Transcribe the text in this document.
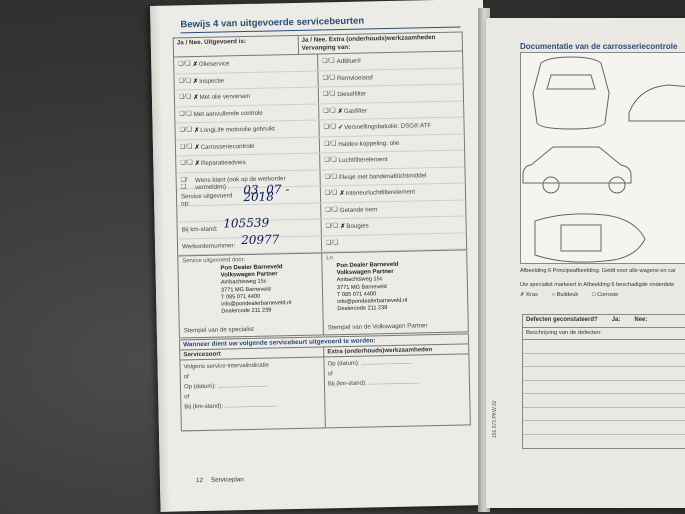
Bewijs 4 van uitgevoerde servicebeurten
Ja / Nee. Uitgevoerd is:	Ja / Nee. Extra (onderhouds)werkzaamheden Vervanging van:
❑/❑ ✗ Olieservice	❑/❑ AdBlue®
❑/❑ ✗ Inspectie	❑/❑ Remvloeistof
❑/❑ ✗ Met olie verversen	❑/❑ Dieselfilter
❑/❑ Met aanvullende controle	❑/❑ ✗ Gasfilter
❑/❑ ✗ LongLife motorolie gebruikt	❑/❑ ✓ Versnellingsbakolie: DSG® ATF
❑/❑ ✗ Carrosseriecontrole	❑/❑ Haldex-koppeling: olie
❑/❑ ✗ Reparatieadvies	❑/❑ Luchtfilterelement
❑/❑
Wens klant (ook op de werkorder vermelden)
❑/❑ Flesje met bandenafdichtmiddel
Service uitgevoerd op:
03. 07 - 2018	❑/❑ ✗ Interieurluchtfilterelement
❑/❑ Getande riem
Bij km-stand: 105539	❑/❑ ✗ Bougies
Werkordernummer: 20977	❑/❑
Service uitgevoerd door:
Pon Dealer Barneveld
Volkswagen Partner
Ambachtsweg 15c
3771 MG Barneveld
T 085 071 4400
info@pondealerbarneveld.nl
Dealercode 211 239
Lo
Pon Dealer Barneveld
Volkswagen Partner
Ambachtsweg 15c
3771 MG Barneveld
T 085 071 4400
info@pondealerbarneveld.nl
Dealercode 211 239
Stempel van de specialist	Stempel van de Volkswagen Partner
Wanneer dient uw volgende servicebeurt uitgevoerd te worden:
Servicesoort	Extra (onderhouds)werkzaamheden
Volgens service-intervalindicatie
of
Op (datum): ..............................
of
Bij (km-stand): ...............................
Op (datum): ..............................
of
Bij (km-stand): ...............................
12 Serviceplan
Documentatie van de carrosseriecontrole
Afbeelding 6 Principeafbeelding. Geldt voor alle wagens en car
Uw specialist markeert in Afbeelding 6 beschadigde onderdele
✗ Kras	○ Buildeuk	□ Corrosie
Defecten geconstateerd? Ja: Nee:
Beschrijving van de defecten:
151.573.PKW.32
